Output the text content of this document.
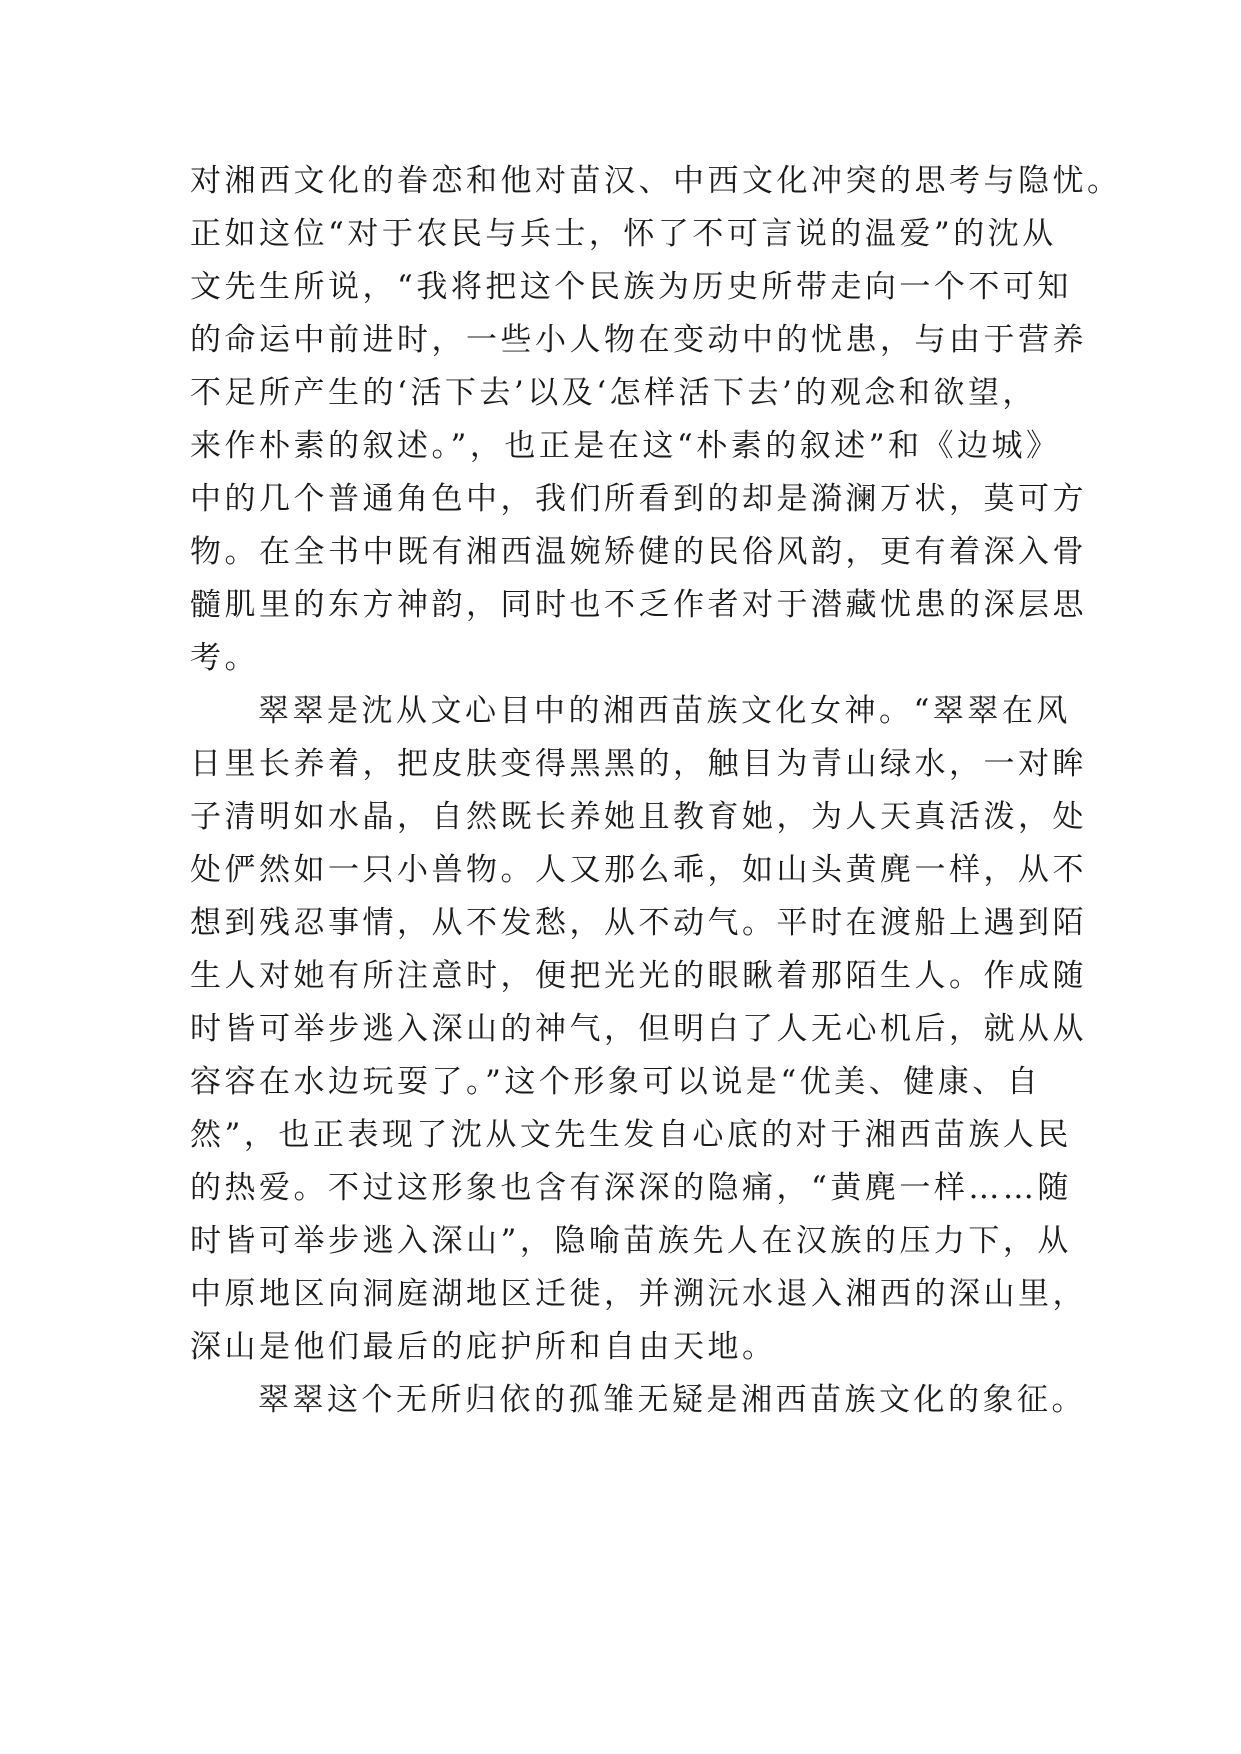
对湘西文化的眷恋和他对苗汉、中西文化冲突的思考与隐忧。
正如这位“对于农民与兵士，怀了不可言说的温爱”的沈从
文先生所说，“我将把这个民族为历史所带走向一个不可知
的命运中前进时，一些小人物在变动中的忧患，与由于营养
不足所产生的‘活下去’以及‘怎样活下去’的观念和欲望，
来作朴素的叙述。”，也正是在这“朴素的叙述”和《边城》
中的几个普通角色中，我们所看到的却是漪澜万状，莫可方
物。在全书中既有湘西温婉矫健的民俗风韵，更有着深入骨
髓肌里的东方神韵，同时也不乏作者对于潜藏忧患的深层思
考。
翠翠是沈从文心目中的湘西苗族文化女神。“翠翠在风
日里长养着，把皮肤变得黑黑的，触目为青山绿水，一对眸
子清明如水晶，自然既长养她且教育她，为人天真活泼，处
处俨然如一只小兽物。人又那么乖，如山头黄麂一样，从不
想到残忍事情，从不发愁，从不动气。平时在渡船上遇到陌
生人对她有所注意时，便把光光的眼瞅着那陌生人。作成随
时皆可举步逃入深山的神气，但明白了人无心机后，就从从
容容在水边玩耍了。”这个形象可以说是“优美、健康、自
然”，也正表现了沈从文先生发自心底的对于湘西苗族人民
的热爱。不过这形象也含有深深的隐痛，“黄麂一样……随
时皆可举步逃入深山”，隐喻苗族先人在汉族的压力下，从
中原地区向洞庭湖地区迁徙，并溯沅水退入湘西的深山里，
深山是他们最后的庇护所和自由天地。
翠翠这个无所归依的孤雏无疑是湘西苗族文化的象征。
